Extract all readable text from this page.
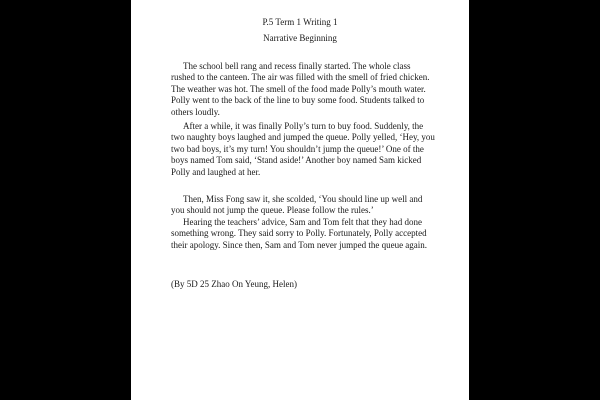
P.5 Term 1 Writing 1
Narrative Beginning

The school bell rang and recess finally started. The whole class rushed to the canteen. The air was filled with the smell of fried chicken. The weather was hot. The smell of the food made Polly’s mouth water. Polly went to the back of the line to buy some food. Students talked to others loudly.

After a while, it was finally Polly’s turn to buy food. Suddenly, the two naughty boys laughed and jumped the queue. Polly yelled, ‘Hey, you two bad boys, it’s my turn! You shouldn’t jump the queue!’ One of the boys named Tom said, ‘Stand aside!’ Another boy named Sam kicked Polly and laughed at her.

Then, Miss Fong saw it, she scolded, ‘You should line up well and you should not jump the queue. Please follow the rules.’

Hearing the teachers’ advice, Sam and Tom felt that they had done something wrong. They said sorry to Polly. Fortunately, Polly accepted their apology. Since then, Sam and Tom never jumped the queue again.

(By 5D 25 Zhao On Yeung, Helen)
